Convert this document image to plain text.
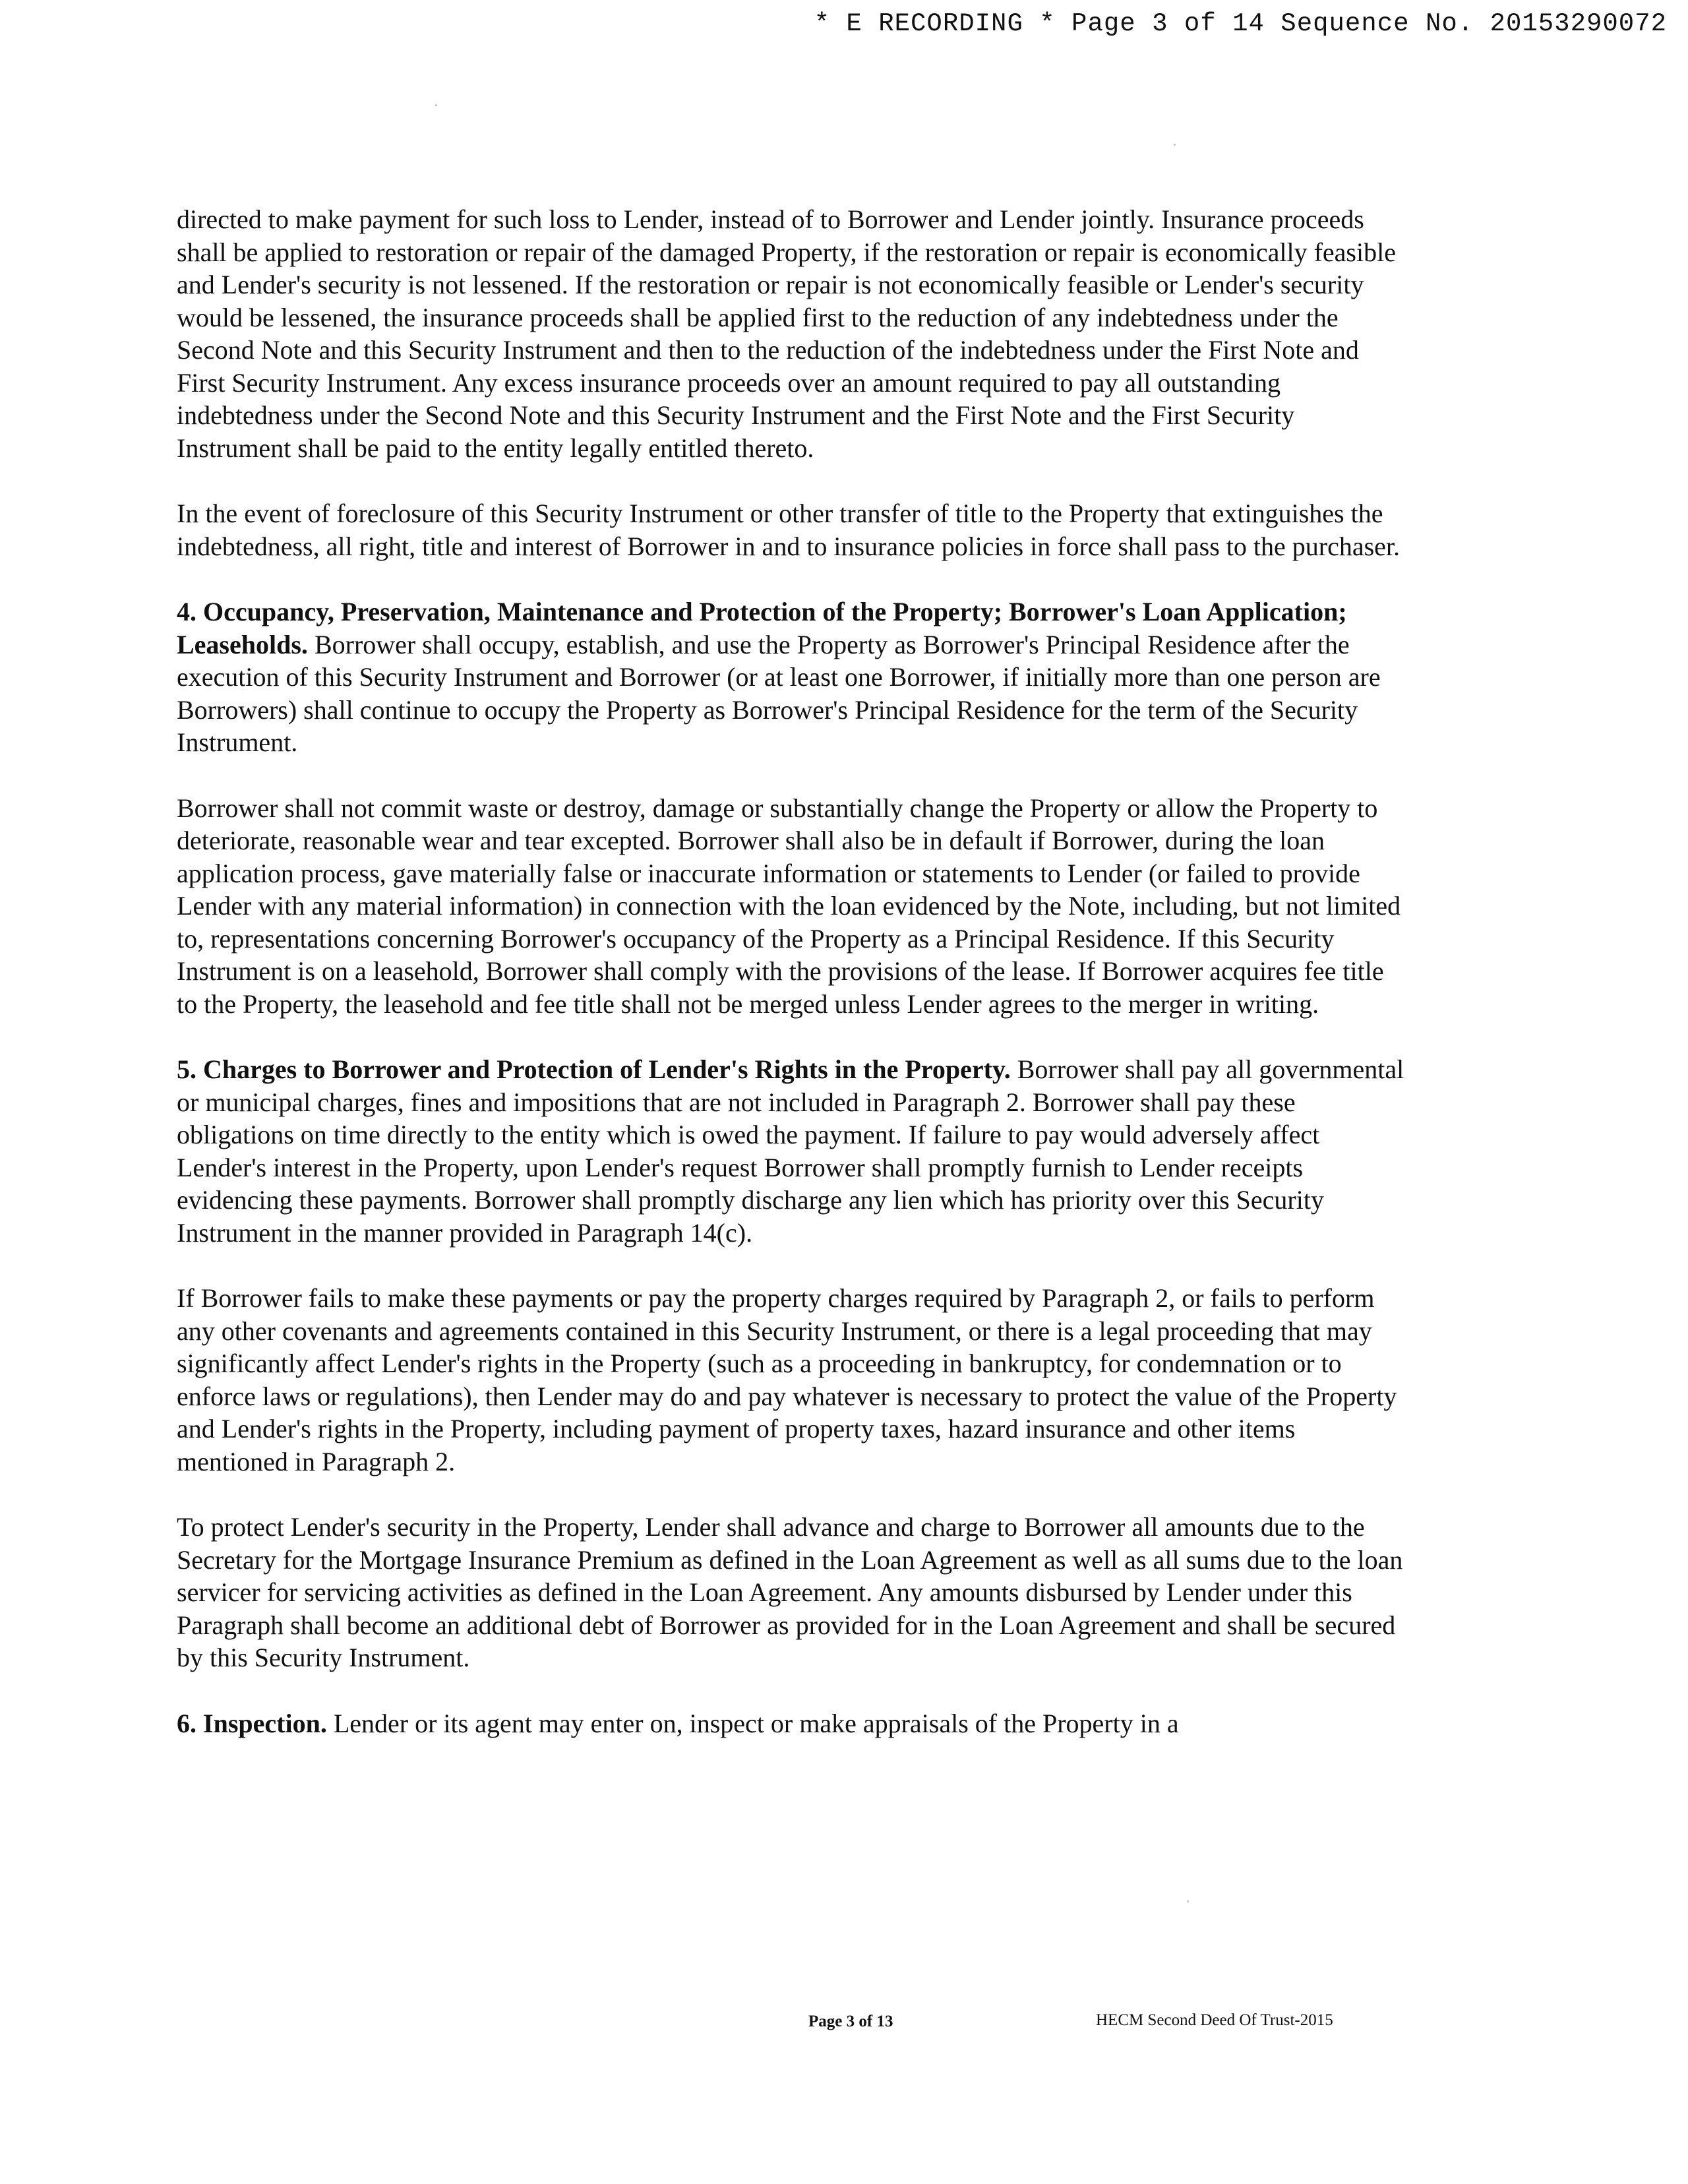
* E RECORDING * Page 3 of 14 Sequence No. 20153290072

directed to make payment for such loss to Lender, instead of to Borrower and Lender jointly. Insurance proceeds shall be applied to restoration or repair of the damaged Property, if the restoration or repair is economically feasible and Lender's security is not lessened. If the restoration or repair is not economically feasible or Lender's security would be lessened, the insurance proceeds shall be applied first to the reduction of any indebtedness under the Second Note and this Security Instrument and then to the reduction of the indebtedness under the First Note and First Security Instrument. Any excess insurance proceeds over an amount required to pay all outstanding indebtedness under the Second Note and this Security Instrument and the First Note and the First Security Instrument shall be paid to the entity legally entitled thereto.

In the event of foreclosure of this Security Instrument or other transfer of title to the Property that extinguishes the indebtedness, all right, title and interest of Borrower in and to insurance policies in force shall pass to the purchaser.

4. Occupancy, Preservation, Maintenance and Protection of the Property; Borrower's Loan Application; Leaseholds. Borrower shall occupy, establish, and use the Property as Borrower's Principal Residence after the execution of this Security Instrument and Borrower (or at least one Borrower, if initially more than one person are Borrowers) shall continue to occupy the Property as Borrower's Principal Residence for the term of the Security Instrument.

Borrower shall not commit waste or destroy, damage or substantially change the Property or allow the Property to deteriorate, reasonable wear and tear excepted. Borrower shall also be in default if Borrower, during the loan application process, gave materially false or inaccurate information or statements to Lender (or failed to provide Lender with any material information) in connection with the loan evidenced by the Note, including, but not limited to, representations concerning Borrower's occupancy of the Property as a Principal Residence. If this Security Instrument is on a leasehold, Borrower shall comply with the provisions of the lease. If Borrower acquires fee title to the Property, the leasehold and fee title shall not be merged unless Lender agrees to the merger in writing.

5. Charges to Borrower and Protection of Lender's Rights in the Property. Borrower shall pay all governmental or municipal charges, fines and impositions that are not included in Paragraph 2. Borrower shall pay these obligations on time directly to the entity which is owed the payment. If failure to pay would adversely affect Lender's interest in the Property, upon Lender's request Borrower shall promptly furnish to Lender receipts evidencing these payments. Borrower shall promptly discharge any lien which has priority over this Security Instrument in the manner provided in Paragraph 14(c).

If Borrower fails to make these payments or pay the property charges required by Paragraph 2, or fails to perform any other covenants and agreements contained in this Security Instrument, or there is a legal proceeding that may significantly affect Lender's rights in the Property (such as a proceeding in bankruptcy, for condemnation or to enforce laws or regulations), then Lender may do and pay whatever is necessary to protect the value of the Property and Lender's rights in the Property, including payment of property taxes, hazard insurance and other items mentioned in Paragraph 2.

To protect Lender's security in the Property, Lender shall advance and charge to Borrower all amounts due to the Secretary for the Mortgage Insurance Premium as defined in the Loan Agreement as well as all sums due to the loan servicer for servicing activities as defined in the Loan Agreement. Any amounts disbursed by Lender under this Paragraph shall become an additional debt of Borrower as provided for in the Loan Agreement and shall be secured by this Security Instrument.

6. Inspection. Lender or its agent may enter on, inspect or make appraisals of the Property in a

Page 3 of 13	HECM Second Deed Of Trust-2015
